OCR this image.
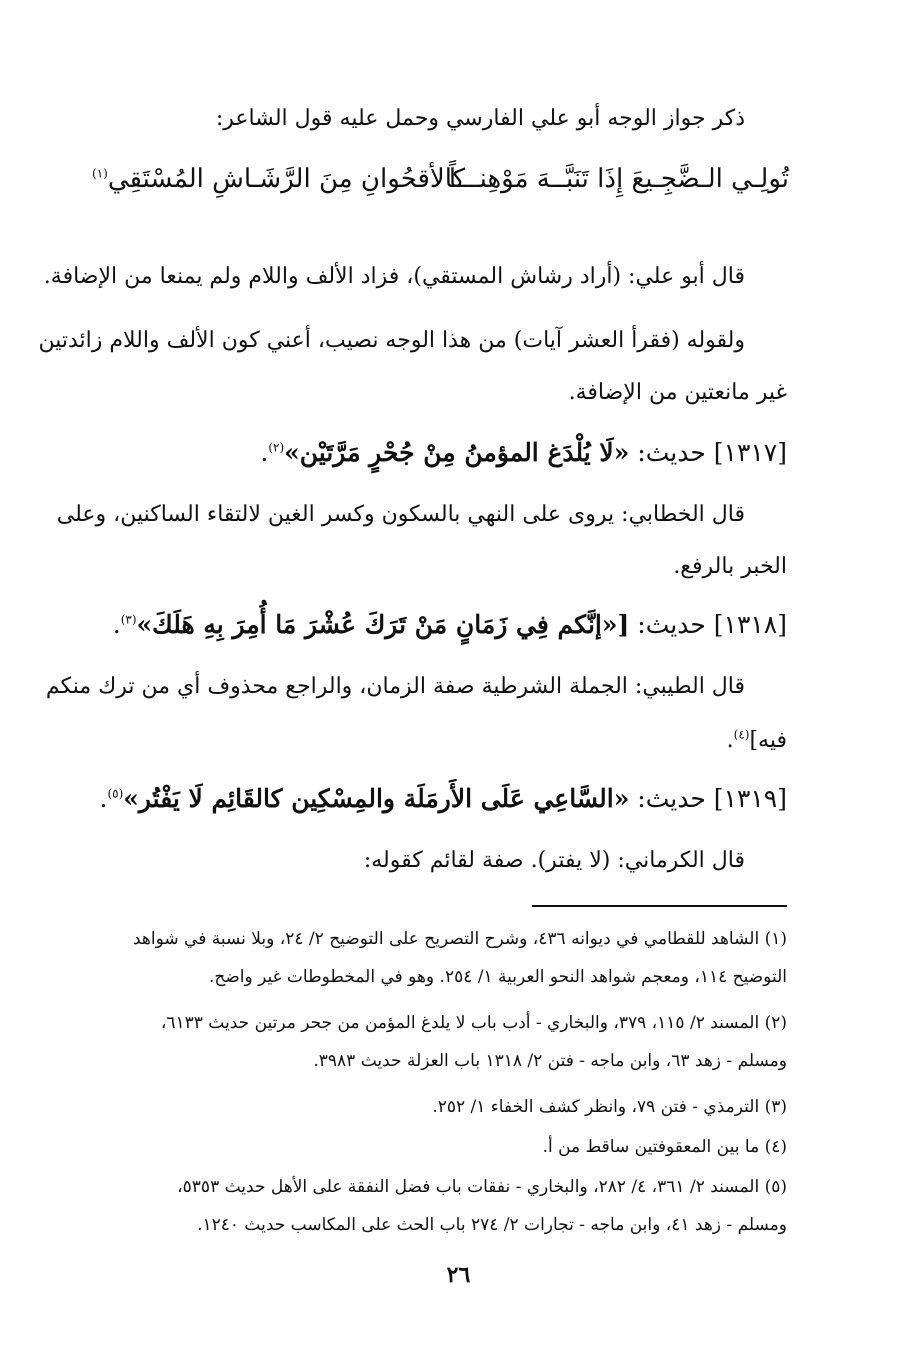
ذكر جواز الوجه أبو علي الفارسي وحمل عليه قول الشاعر:
تُولِـي الـضَّجِـيعَ إِذَا تَنَبَّــهَ مَوْهِنـــاً
كالأقحُوانِ مِنَ الرَّشَـاشِ المُسْتَقِي$^{(١)}$
قال أبو علي: (أراد رشاش المستقي)، فزاد الألف واللام ولم يمنعا من الإضافة.
ولقوله (فقرأ العشر آيات) من هذا الوجه نصيب، أعني كون الألف واللام زائدتين
غير مانعتين من الإضافة.
[١٣١٧] حديث: «لَا يُلْدَغ المؤمنُ مِنْ جُحْرٍ مَرَّتَيْن»$^{(٢)}$.
قال الخطابي: يروى على النهي بالسكون وكسر الغين لالتقاء الساكنين، وعلى
الخبر بالرفع.
[١٣١٨] حديث: [«إنَّكم فِي زَمَانٍ مَنْ تَرَكَ عُشْرَ مَا أُمِرَ بِهِ هَلَكَ»$^{(٣)}$.
قال الطيبي: الجملة الشرطية صفة الزمان، والراجع محذوف أي من ترك منكم
فيه]$^{(٤)}$.
[١٣١٩] حديث: «السَّاعِي عَلَى الأَرمَلَة والمِسْكِين كالقَائِم لَا يَفْتُر»$^{(٥)}$.
قال الكرماني: (لا يفتر). صفة لقائم كقوله:
(١) الشاهد للقطامي في ديوانه ٤٣٦، وشرح التصريح على التوضيح ٢/ ٢٤، وبلا نسبة في شواهد
التوضيح ١١٤، ومعجم شواهد النحو العربية ١/ ٢٥٤. وهو في المخطوطات غير واضح.
(٢) المسند ٢/ ١١٥، ٣٧٩، والبخاري - أدب باب لا يلدغ المؤمن من جحر مرتين حديث ٦١٣٣،
ومسلم - زهد ٦٣، وابن ماجه - فتن ٢/ ١٣١٨ باب العزلة حديث ٣٩٨٣.
(٣) الترمذي - فتن ٧٩، وانظر كشف الخفاء ١/ ٢٥٢.
(٤) ما بين المعقوفتين ساقط من أ.
(٥) المسند ٢/ ٣٦١، ٤/ ٢٨٢، والبخاري - نفقات باب فضل النفقة على الأهل حديث ٥٣٥٣،
ومسلم - زهد ٤١، وابن ماجه - تجارات ٢/ ٢٧٤ باب الحث على المكاسب حديث ١٢٤٠.
٢٦
